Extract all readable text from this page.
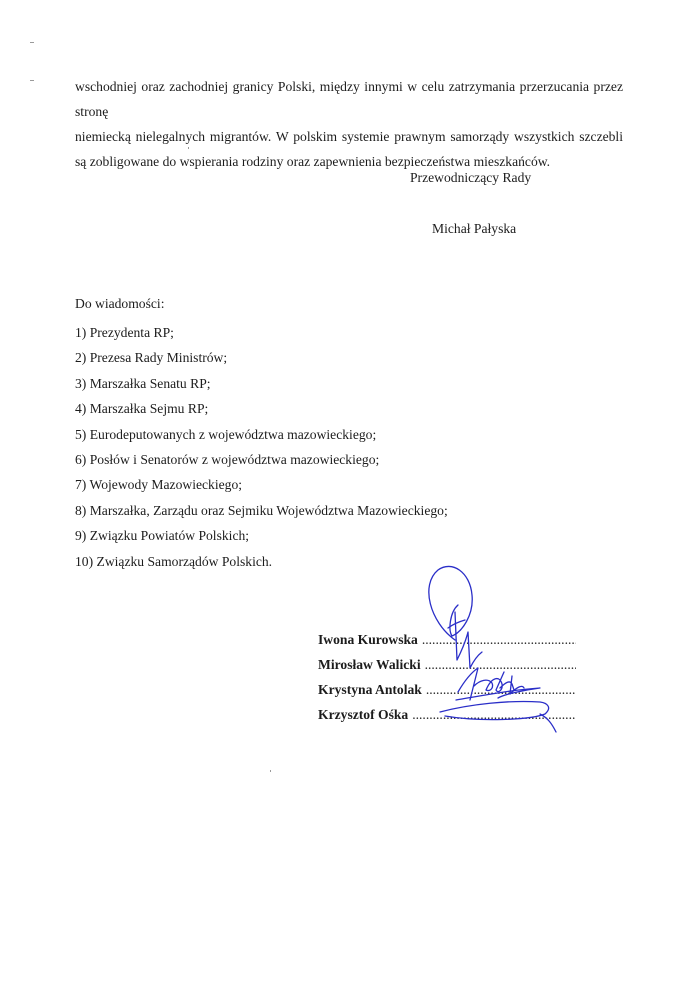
wschodniej oraz zachodniej granicy Polski, między innymi w celu zatrzymania przerzucania przez stronę
niemiecką nielegalnych migrantów. W polskim systemie prawnym samorządy wszystkich szczebli
są zobligowane do wspierania rodziny oraz zapewnienia bezpieczeństwa mieszkańców.
Przewodniczący Rady
Michał Pałyska
Do wiadomości:
1) Prezydenta RP;
2) Prezesa Rady Ministrów;
3) Marszałka Senatu RP;
4) Marszałka Sejmu RP;
5) Eurodeputowanych z województwa mazowieckiego;
6) Posłów i Senatorów z województwa mazowieckiego;
7) Wojewody Mazowieckiego;
8) Marszałka, Zarządu oraz Sejmiku Województwa Mazowieckiego;
9) Związku Powiatów Polskich;
10) Związku Samorządów Polskich.
Iwona Kurowska
.....
Mirosław Walicki
.....
Krystyna Antolak
.....
Krzysztof Ośka
.....
